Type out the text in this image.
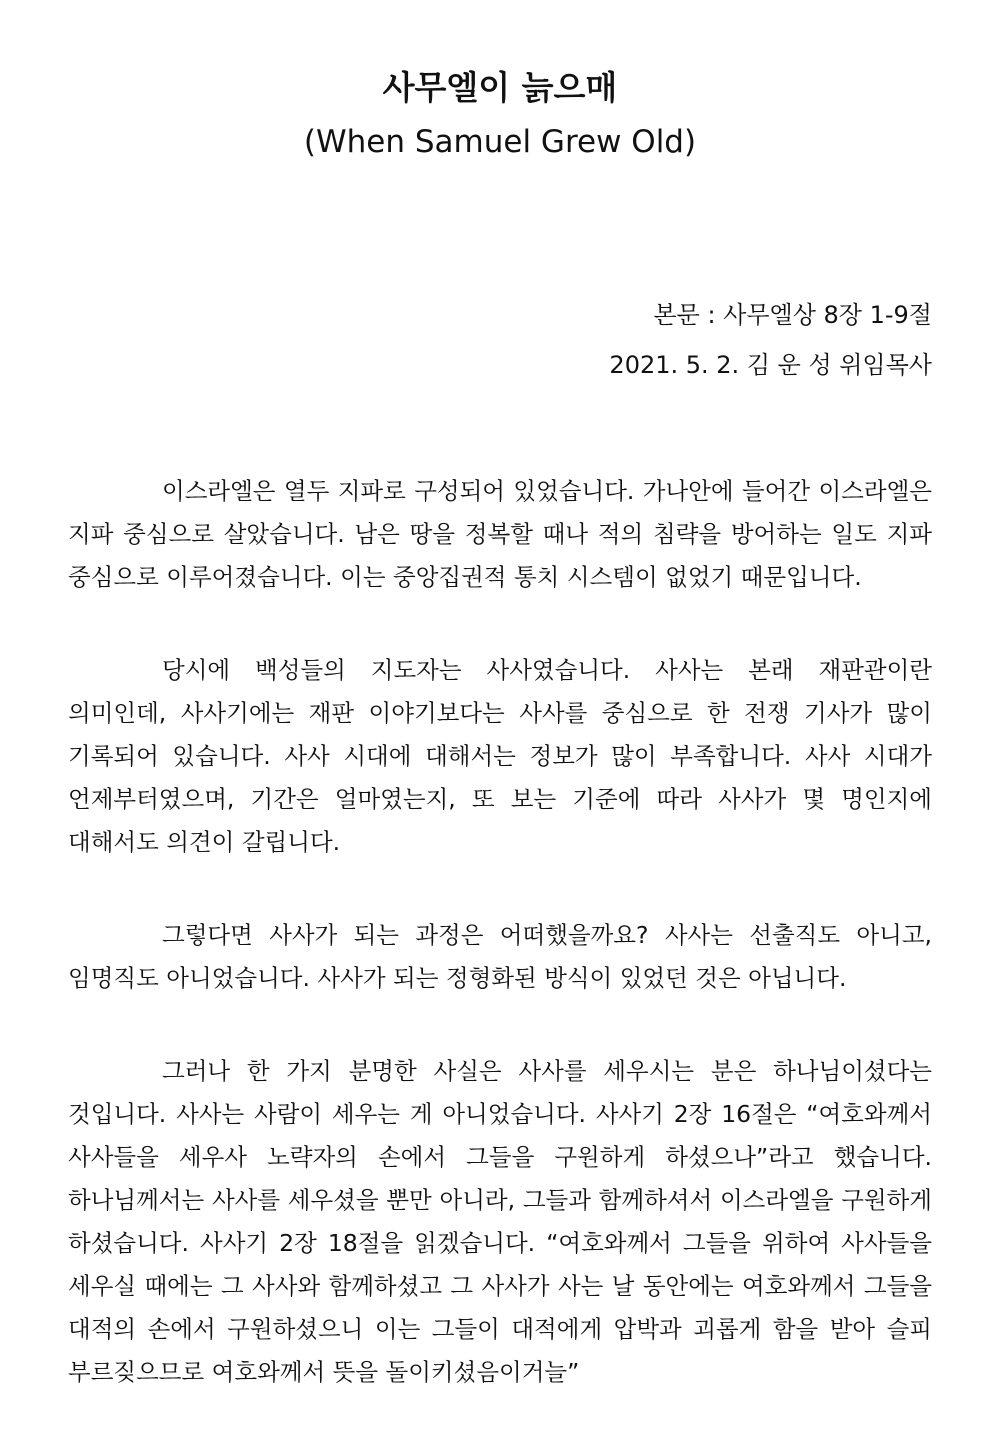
사무엘이 늙으매
(When Samuel Grew Old)
본문 : 사무엘상 8장 1-9절
2021. 5. 2. 김 운 성 위임목사

이스라엘은 열두 지파로 구성되어 있었습니다. 가나안에 들어간 이스라엘은 지파 중심으로 살았습니다. 남은 땅을 정복할 때나 적의 침략을 방어하는 일도 지파 중심으로 이루어졌습니다. 이는 중앙집권적 통치 시스템이 없었기 때문입니다.

당시에 백성들의 지도자는 사사였습니다. 사사는 본래 재판관이란 의미인데, 사사기에는 재판 이야기보다는 사사를 중심으로 한 전쟁 기사가 많이 기록되어 있습니다. 사사 시대에 대해서는 정보가 많이 부족합니다. 사사 시대가 언제부터였으며, 기간은 얼마였는지, 또 보는 기준에 따라 사사가 몇 명인지에 대해서도 의견이 갈립니다.

그렇다면 사사가 되는 과정은 어떠했을까요? 사사는 선출직도 아니고, 임명직도 아니었습니다. 사사가 되는 정형화된 방식이 있었던 것은 아닙니다.

그러나 한 가지 분명한 사실은 사사를 세우시는 분은 하나님이셨다는 것입니다. 사사는 사람이 세우는 게 아니었습니다. 사사기 2장 16절은 “여호와께서 사사들을 세우사 노략자의 손에서 그들을 구원하게 하셨으나”라고 했습니다. 하나님께서는 사사를 세우셨을 뿐만 아니라, 그들과 함께하셔서 이스라엘을 구원하게 하셨습니다. 사사기 2장 18절을 읽겠습니다. “여호와께서 그들을 위하여 사사들을 세우실 때에는 그 사사와 함께하셨고 그 사사가 사는 날 동안에는 여호와께서 그들을 대적의 손에서 구원하셨으니 이는 그들이 대적에게 압박과 괴롭게 함을 받아 슬피 부르짖으므로 여호와께서 뜻을 돌이키셨음이거늘”
